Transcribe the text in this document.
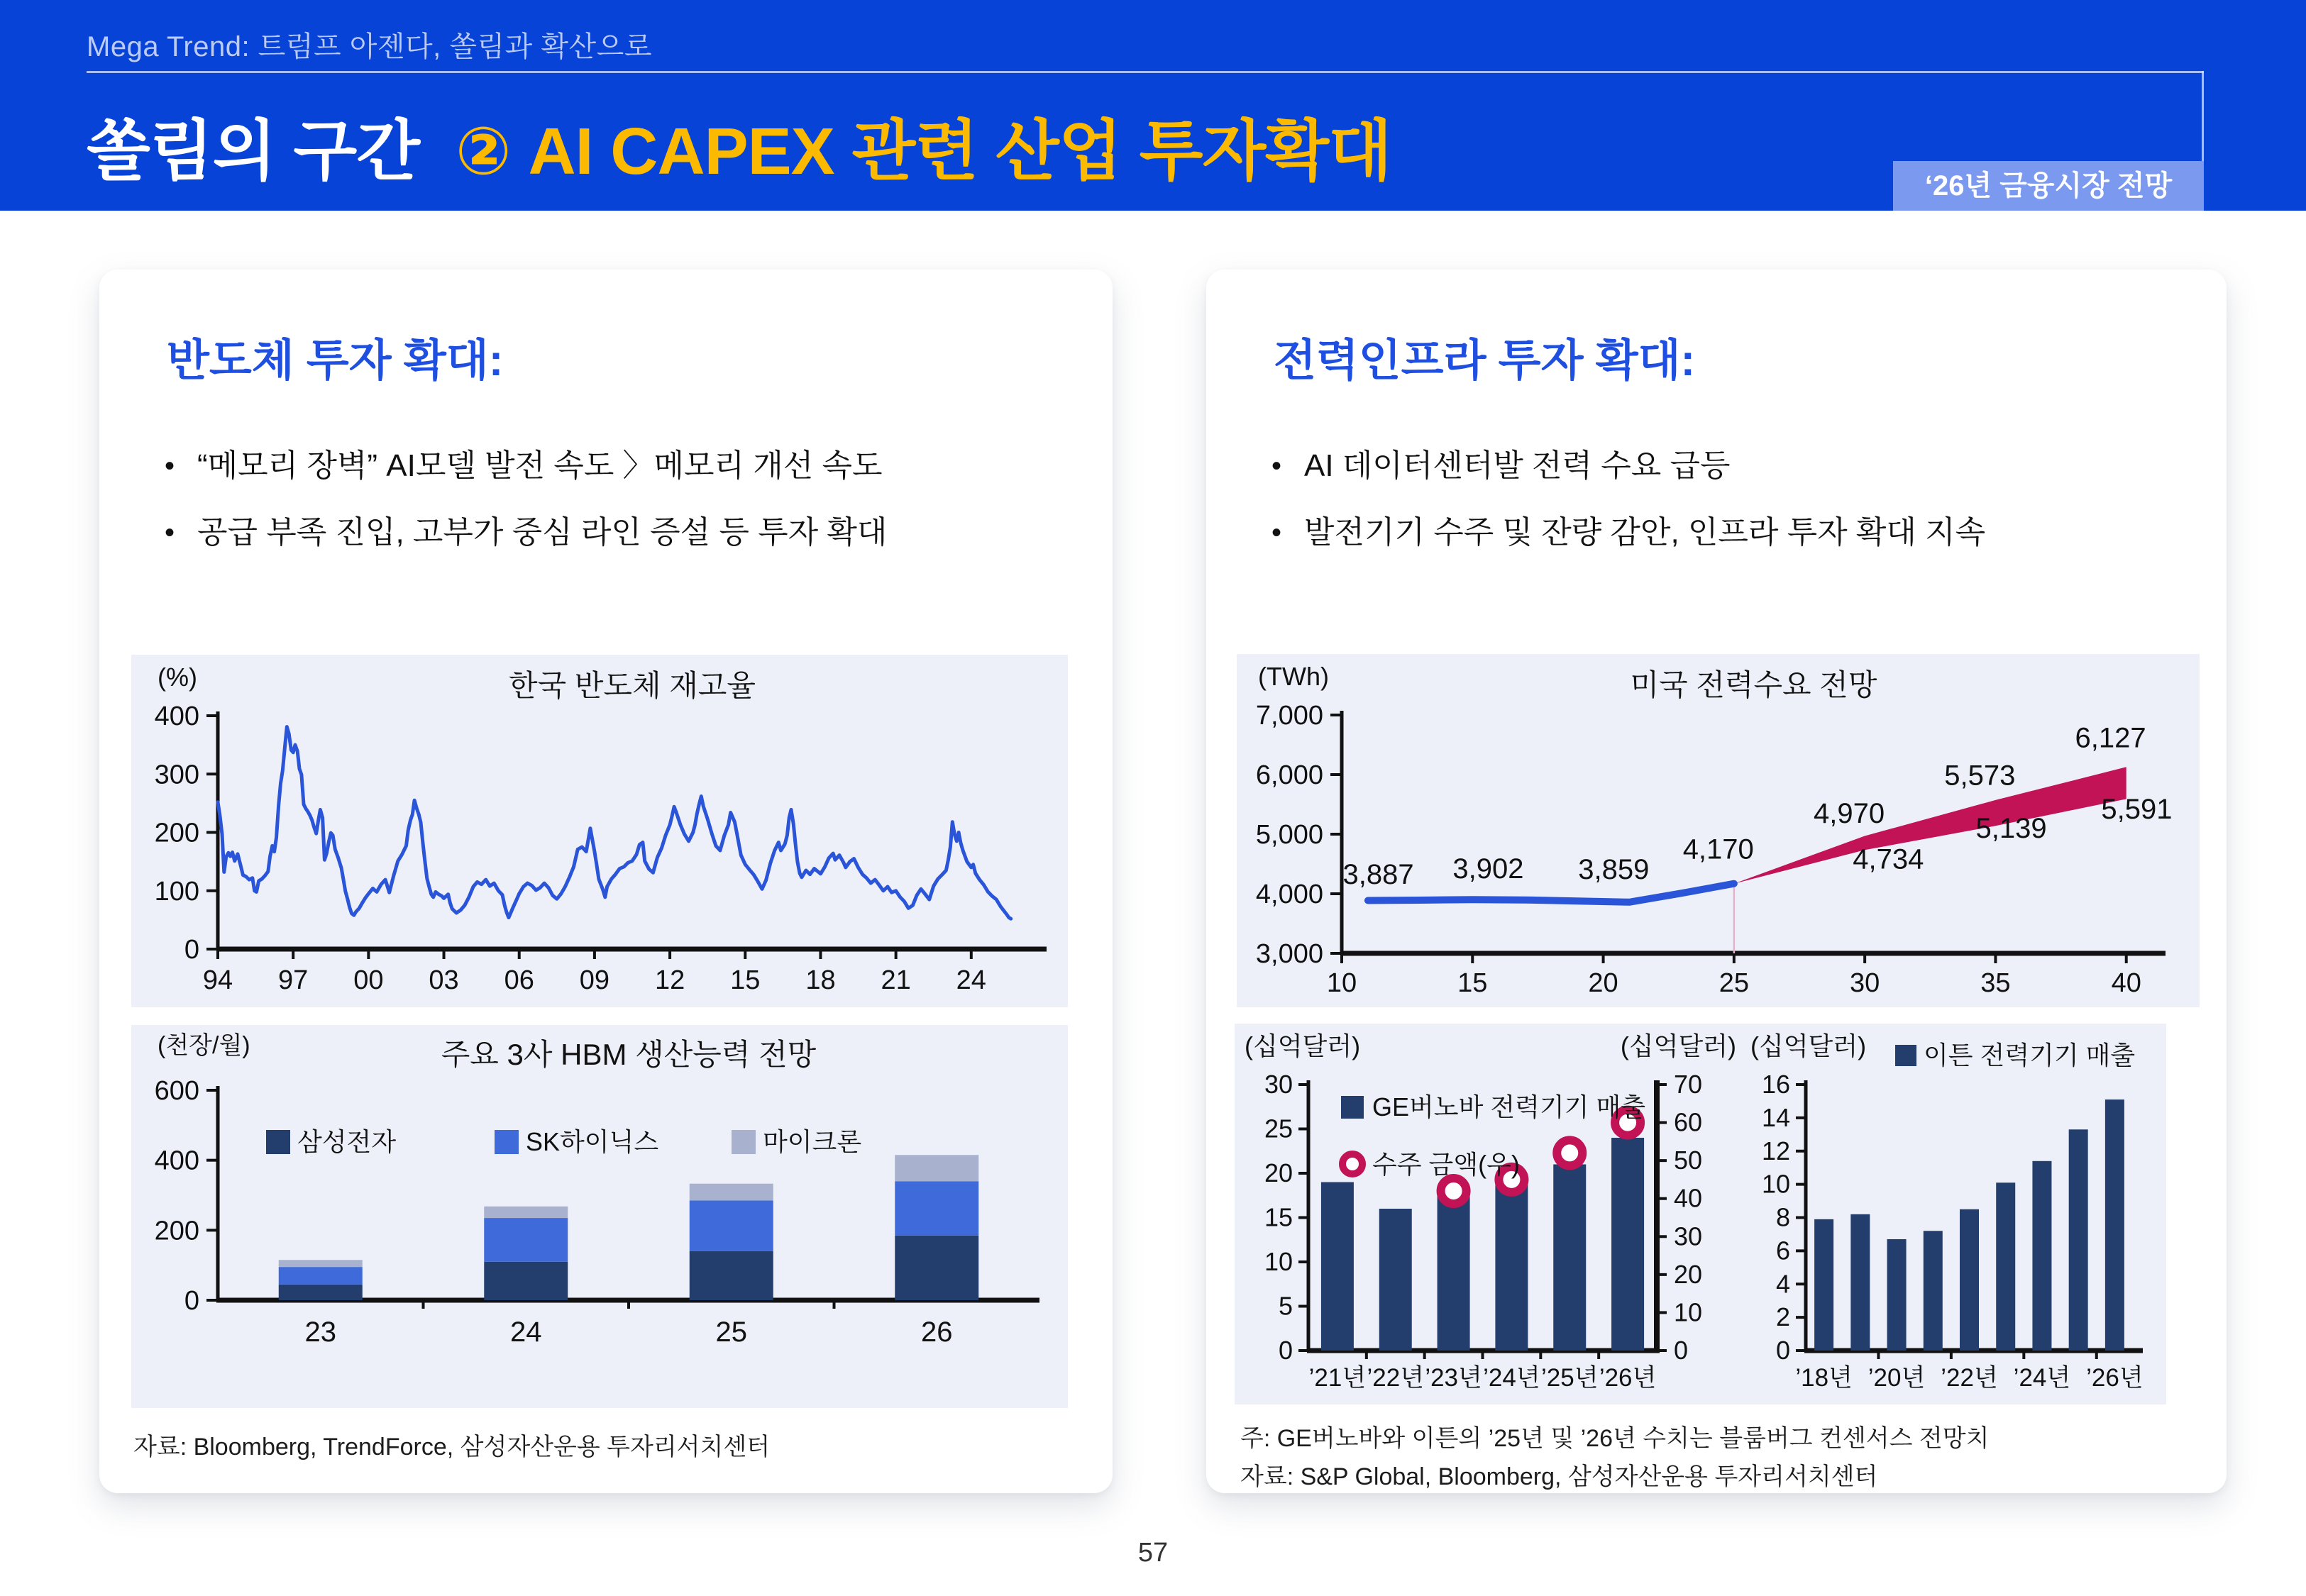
Mega Trend: 트럼프 아젠다, 쏠림과 확산으로
쏠림의 구간 ② AI CAPEX 관련 산업 투자확대	‘26년 금융시장 전망
반도체 투자 확대:
• “메모리 장벽” AI모델 발전 속도 〉메모리 개선 속도
• 공급 부족 진입, 고부가 중심 라인 증설 등 투자 확대
(%)	한국 반도체 재고율
0
100
200
300
400
94 97 00 03 06 09 12 15 18 21 24
(천장/월)	주요 3사 HBM 생산능력 전망
0
200
400
600
23	24	25	26
삼성전자	SK하이닉스	마이크론
자료: Bloomberg, TrendForce, 삼성자산운용 투자리서치센터
전력인프라 투자 확대:
• AI 데이터센터발 전력 수요 급등
• 발전기기 수주 및 잔량 감안, 인프라 투자 확대 지속
(TWh)	미국 전력수요 전망
3,000
4,000
5,000
6,000
7,000
10	15	20	25	30	35	40
3,887 3,902 3,859
4,170
4,970
4,734
5,573
5,139
6,127
5,591
(십억달러)	(십억달러)
0
5
10
15
20
25
30
0
10
20
30
40
50
60
70
’21년 ’22년 ’23년 ’24년 ’25년 ’26년
GE버노바 전력기기 매출
수주 금액(우)
(십억달러)
0
2
4
6
8
10
12
14
16
’18년 ’20년 ’22년 ’24년 ’26년
이튼 전력기기 매출
주: GE버노바와 이튼의 ’25년 및 ’26년 수치는 블룸버그 컨센서스 전망치
자료: S&P Global, Bloomberg, 삼성자산운용 투자리서치센터
57
